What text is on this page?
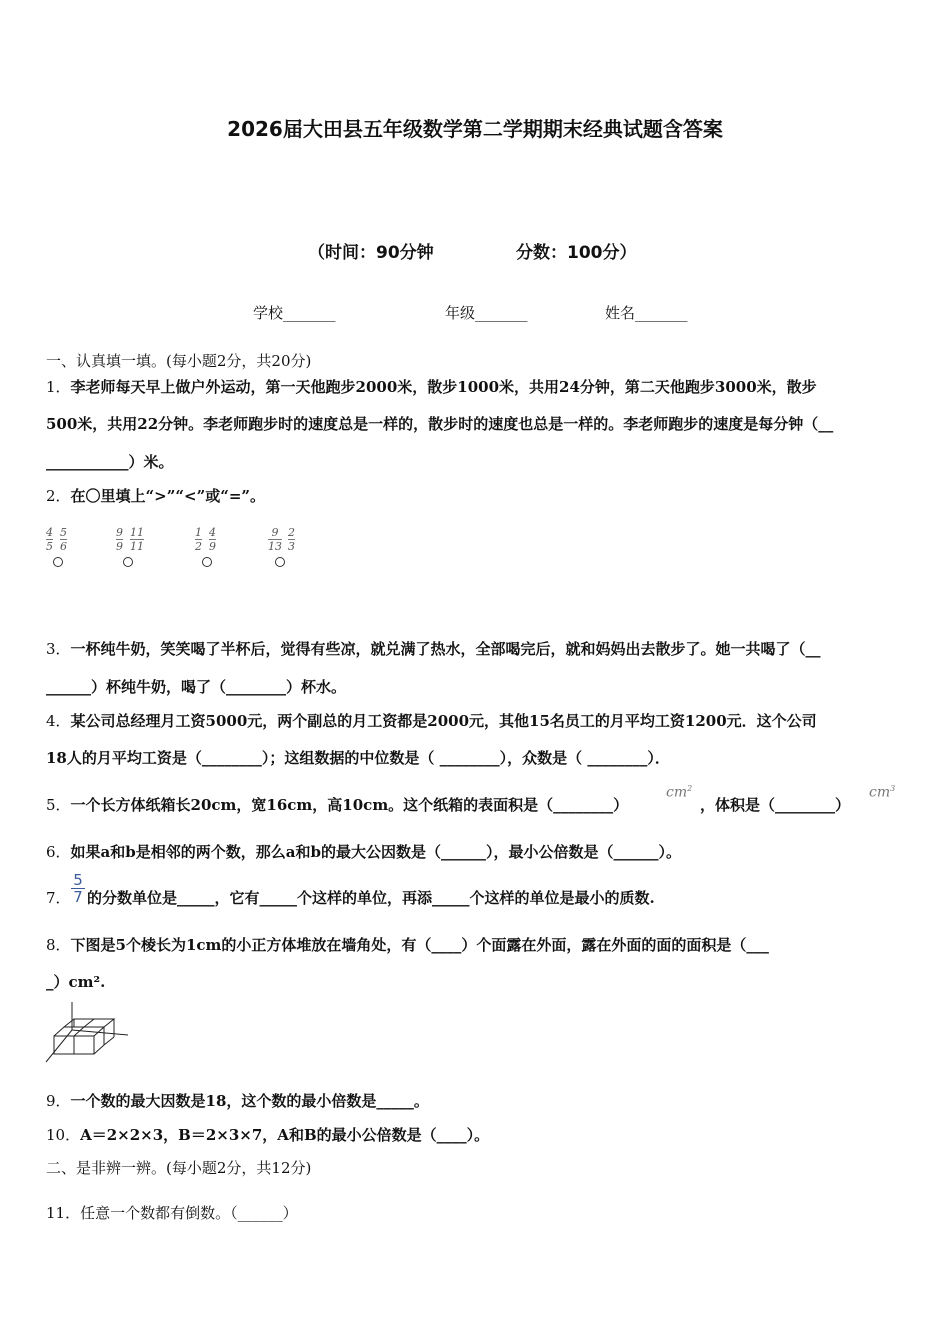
2026届大田县五年级数学第二学期期末经典试题含答案
（时间：90分钟	分数：100分）
学校_______	年级_______	姓名_______
一、认真填一填。(每小题2分，共20分)
1．李老师每天早上做户外运动，第一天他跑步2000米，散步1000米，共用24分钟，第二天他跑步3000米，散步
500米，共用22分钟。李老师跑步时的速度总是一样的，散步时的速度也总是一样的。李老师跑步的速度是每分钟（__
___________）米。
2．在〇里填上“>”“<”或“=”。
$\frac{4}{5} \frac{5}{6}$	$\frac{9}{9} \frac{11}{11}$	$\frac{1}{2} \frac{4}{9}$	$\frac{9}{13} \frac{2}{3}$
3．一杯纯牛奶，笑笑喝了半杯后，觉得有些凉，就兑满了热水，全部喝完后，就和妈妈出去散步了。她一共喝了（__
______）杯纯牛奶，喝了（________）杯水。
4．某公司总经理月工资5000元，两个副总的月工资都是2000元，其他15名员工的月平均工资1200元．这个公司
18人的月平均工资是（________）；这组数据的中位数是（ ________），众数是（ ________）．
5．一个长方体纸箱长20cm，宽16cm，高10cm。这个纸箱的表面积是（________）
$cm^2$
，体积是（________）
$cm^3$
6．如果a和b是相邻的两个数，那么a和b的最大公因数是（______），最小公倍数是（______）。
7．
5
7 的分数单位是_____，它有_____个这样的单位，再添_____个这样的单位是最小的质数.
8．下图是5个棱长为1cm的小正方体堆放在墙角处，有（____）个面露在外面，露在外面的面的面积是（___
_）cm².
9．一个数的最大因数是18，这个数的最小倍数是_____。
10．A＝2×2×3，B＝2×3×7，A和B的最小公倍数是（____）。
二、是非辨一辨。(每小题2分，共12分)
11．任意一个数都有倒数。（______）
